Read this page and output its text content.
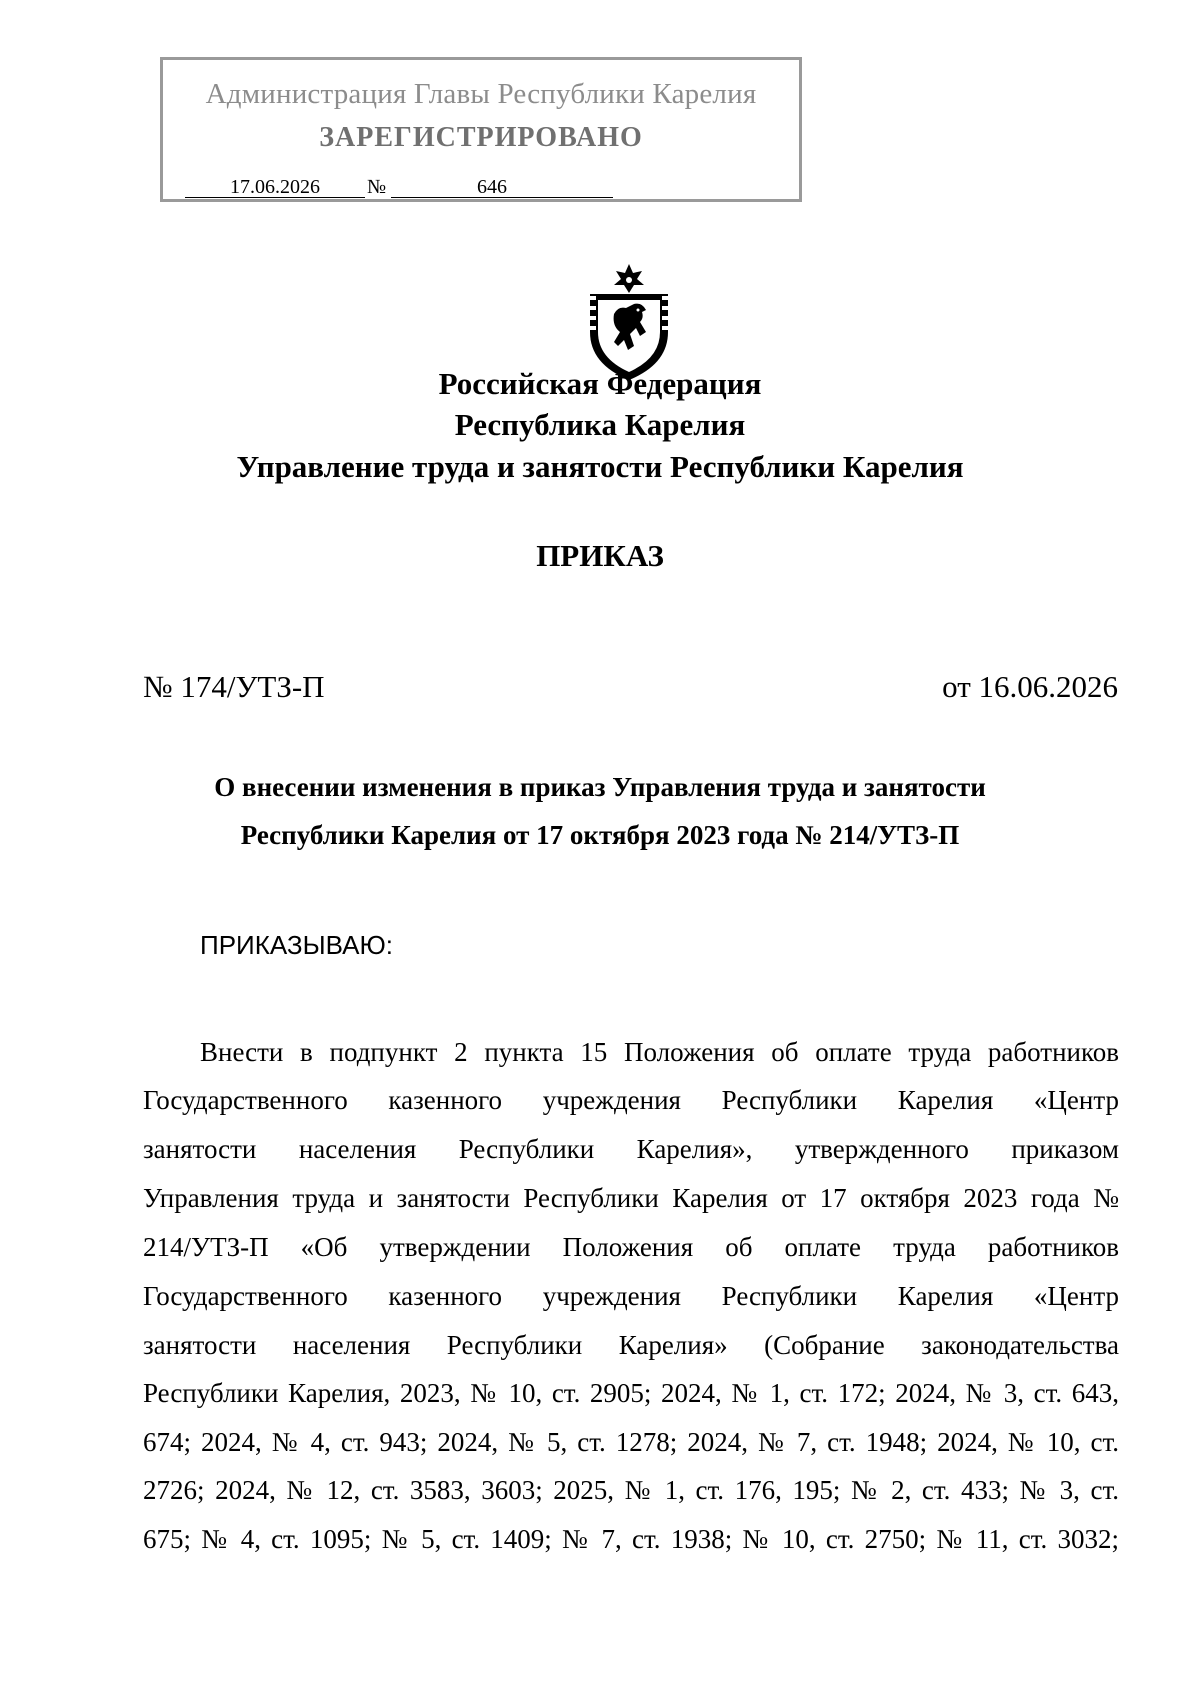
Администрация Главы Республики Карелия
ЗАРЕГИСТРИРОВАНО
17.06.2026	№	646
Российская Федерация
Республика Карелия
Управление труда и занятости Республики Карелия
ПРИКАЗ
№ 174/УТЗ-П	от 16.06.2026
О внесении изменения в приказ Управления труда и занятости
Республики Карелия от 17 октября 2023 года № 214/УТЗ-П
ПРИКАЗЫВАЮ:
Внести в подпункт 2 пункта 15 Положения об оплате труда работников
Государственного казенного учреждения Республики Карелия «Центр
занятости населения Республики Карелия», утвержденного приказом
Управления труда и занятости Республики Карелия от 17 октября 2023 года №
214/УТЗ-П «Об утверждении Положения об оплате труда работников
Государственного казенного учреждения Республики Карелия «Центр
занятости населения Республики Карелия» (Собрание законодательства
Республики Карелия, 2023, № 10, ст. 2905; 2024, № 1, ст. 172; 2024, № 3, ст. 643,
674; 2024, № 4, ст. 943; 2024, № 5, ст. 1278; 2024, № 7, ст. 1948; 2024, № 10, ст.
2726; 2024, № 12, ст. 3583, 3603; 2025, № 1, ст. 176, 195; № 2, ст. 433; № 3, ст.
675; № 4, ст. 1095; № 5, ст. 1409; № 7, ст. 1938; № 10, ст. 2750; № 11, ст. 3032;
